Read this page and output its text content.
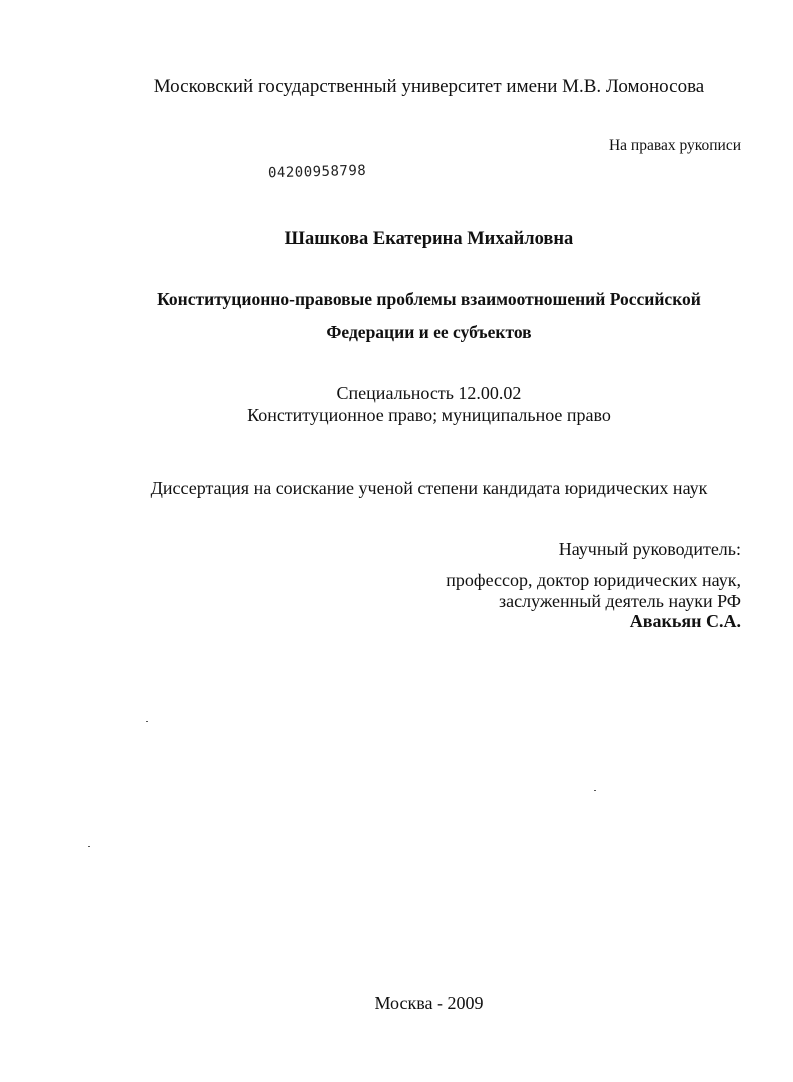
Московский государственный университет имени М.В. Ломоносова
На правах рукописи
04200958798
Шашкова Екатерина Михайловна
Конституционно-правовые проблемы взаимоотношений Российской
Федерации и ее субъектов
Специальность 12.00.02
Конституционное право; муниципальное право
Диссертация на соискание ученой степени кандидата юридических наук
Научный руководитель:
профессор, доктор юридических наук,
заслуженный деятель науки РФ
Авакьян С.А.
Москва - 2009
